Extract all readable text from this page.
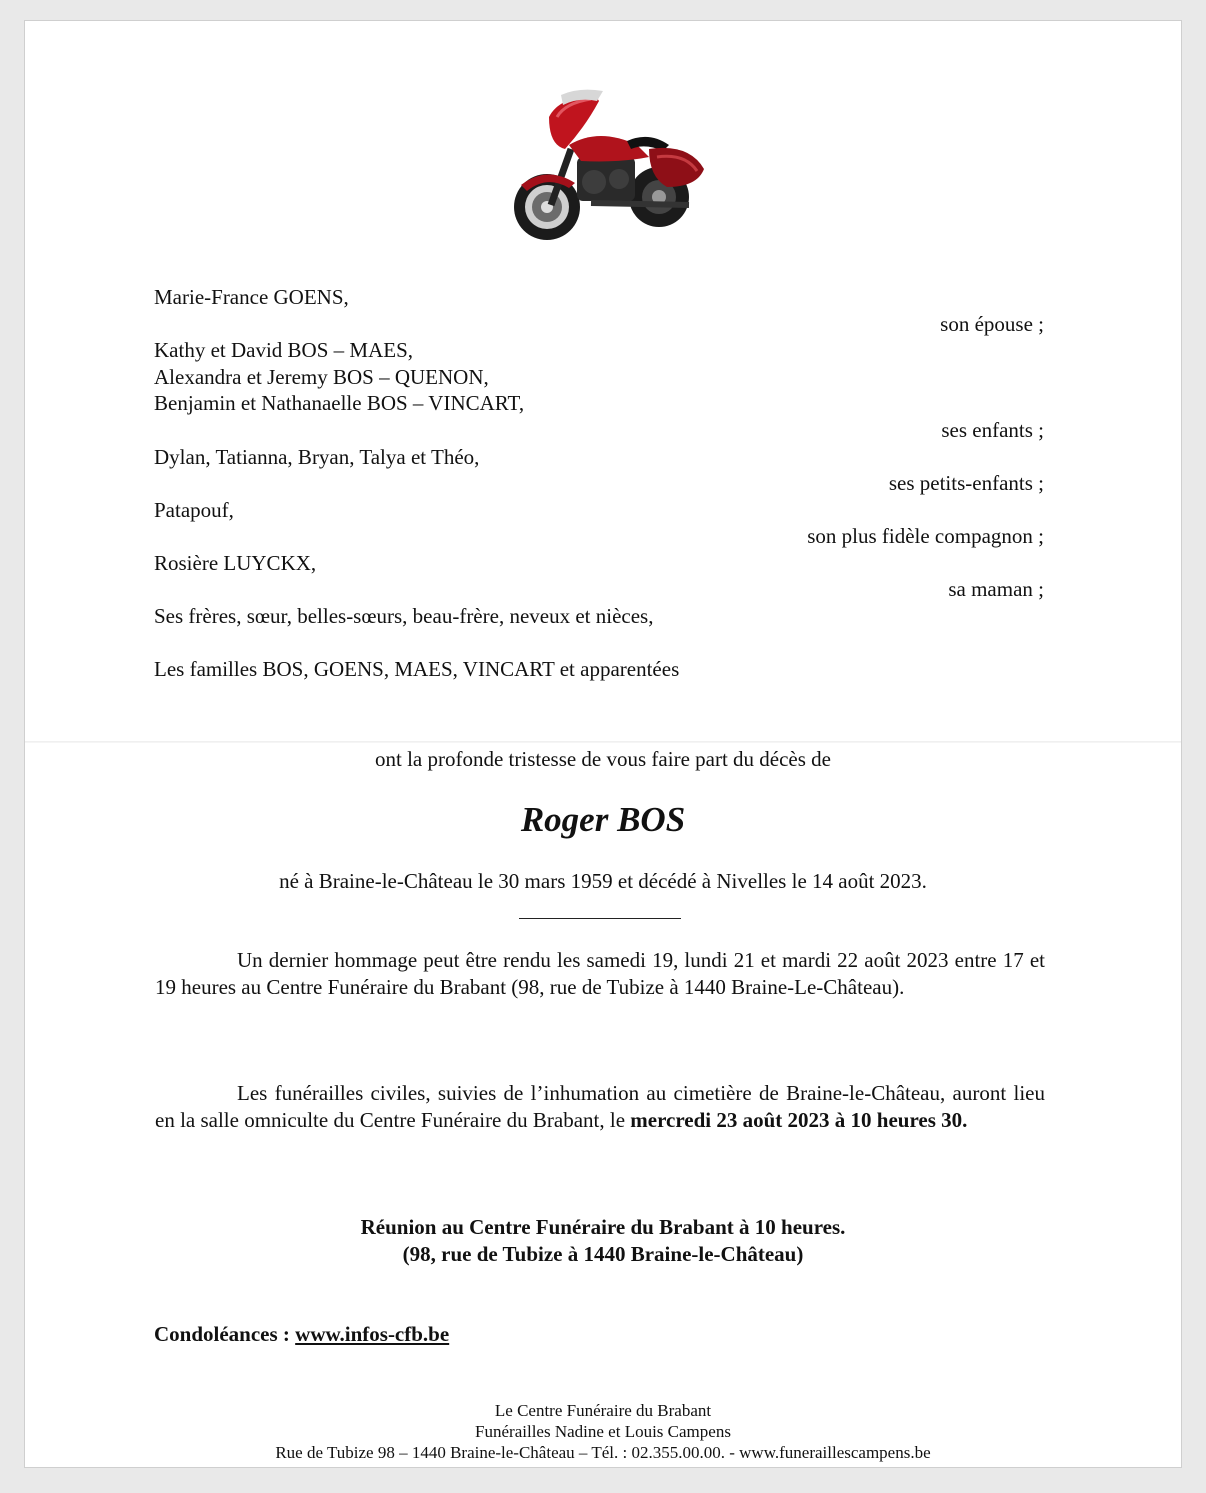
Marie-France GOENS,
son épouse ;
Kathy et David BOS – MAES,
Alexandra et Jeremy BOS – QUENON,
Benjamin et Nathanaelle BOS – VINCART,
ses enfants ;
Dylan, Tatianna, Bryan, Talya et Théo,
ses petits-enfants ;
Patapouf,
son plus fidèle compagnon ;
Rosière LUYCKX,
sa maman ;
Ses frères, sœur, belles-sœurs, beau-frère, neveux et nièces,
Les familles BOS, GOENS, MAES, VINCART et apparentées
ont la profonde tristesse de vous faire part du décès de
Roger BOS
né à Braine-le-Château le 30 mars 1959 et décédé à Nivelles le 14 août 2023.
Un dernier hommage peut être rendu les samedi 19, lundi 21 et mardi 22 août 2023 entre 17 et 19 heures au Centre Funéraire du Brabant (98, rue de Tubize à 1440 Braine-Le-Château).
Les funérailles civiles, suivies de l’inhumation au cimetière de Braine-le-Château, auront lieu en la salle omniculte du Centre Funéraire du Brabant, le mercredi 23 août 2023 à 10 heures 30.
Réunion au Centre Funéraire du Brabant à 10 heures.
(98, rue de Tubize à 1440 Braine-le-Château)
Condoléances : www.infos-cfb.be
Le Centre Funéraire du Brabant
Funérailles Nadine et Louis Campens
Rue de Tubize 98 – 1440 Braine-le-Château – Tél. : 02.355.00.00. - www.funeraillescampens.be
